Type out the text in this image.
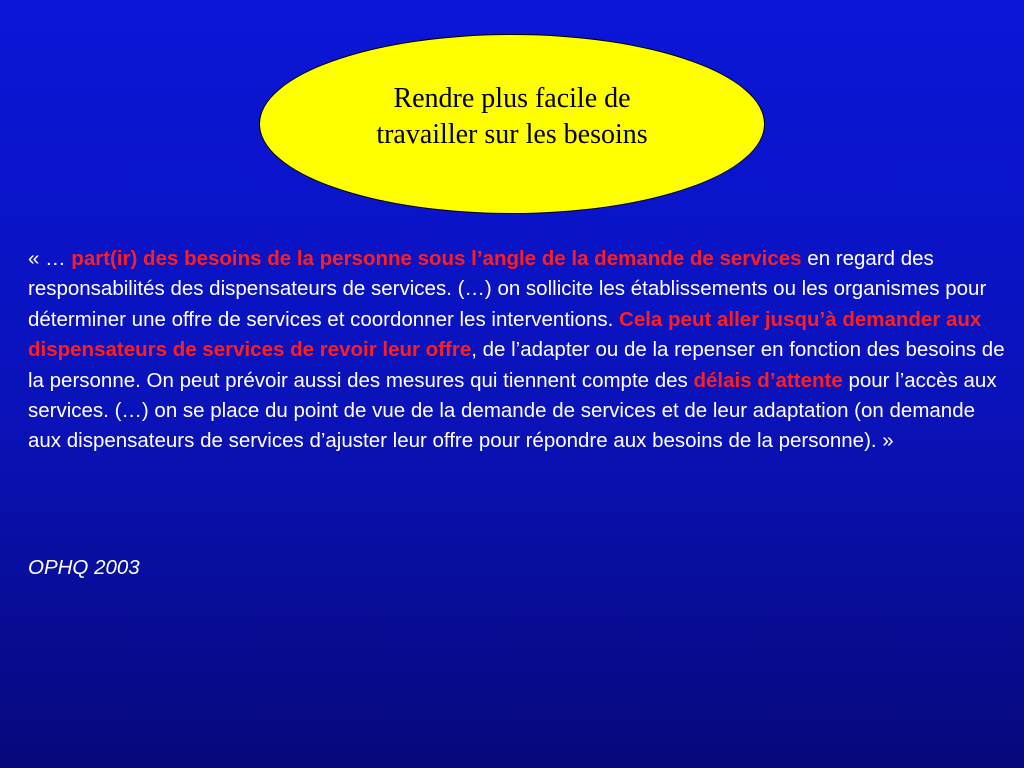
Rendre plus facile de
travailler sur les besoins

« … part(ir) des besoins de la personne sous l’angle de la demande de services en regard des responsabilités des dispensateurs de services. (…) on sollicite les établissements ou les organismes pour déterminer une offre de services et coordonner les interventions. Cela peut aller jusqu’à demander aux dispensateurs de services de revoir leur offre, de l’adapter ou de la repenser en fonction des besoins de la personne. On peut prévoir aussi des mesures qui tiennent compte des délais d’attente pour l’accès aux services. (…) on se place du point de vue de la demande de services et de leur adaptation (on demande aux dispensateurs de services d’ajuster leur offre pour répondre aux besoins de la personne). »

OPHQ 2003
